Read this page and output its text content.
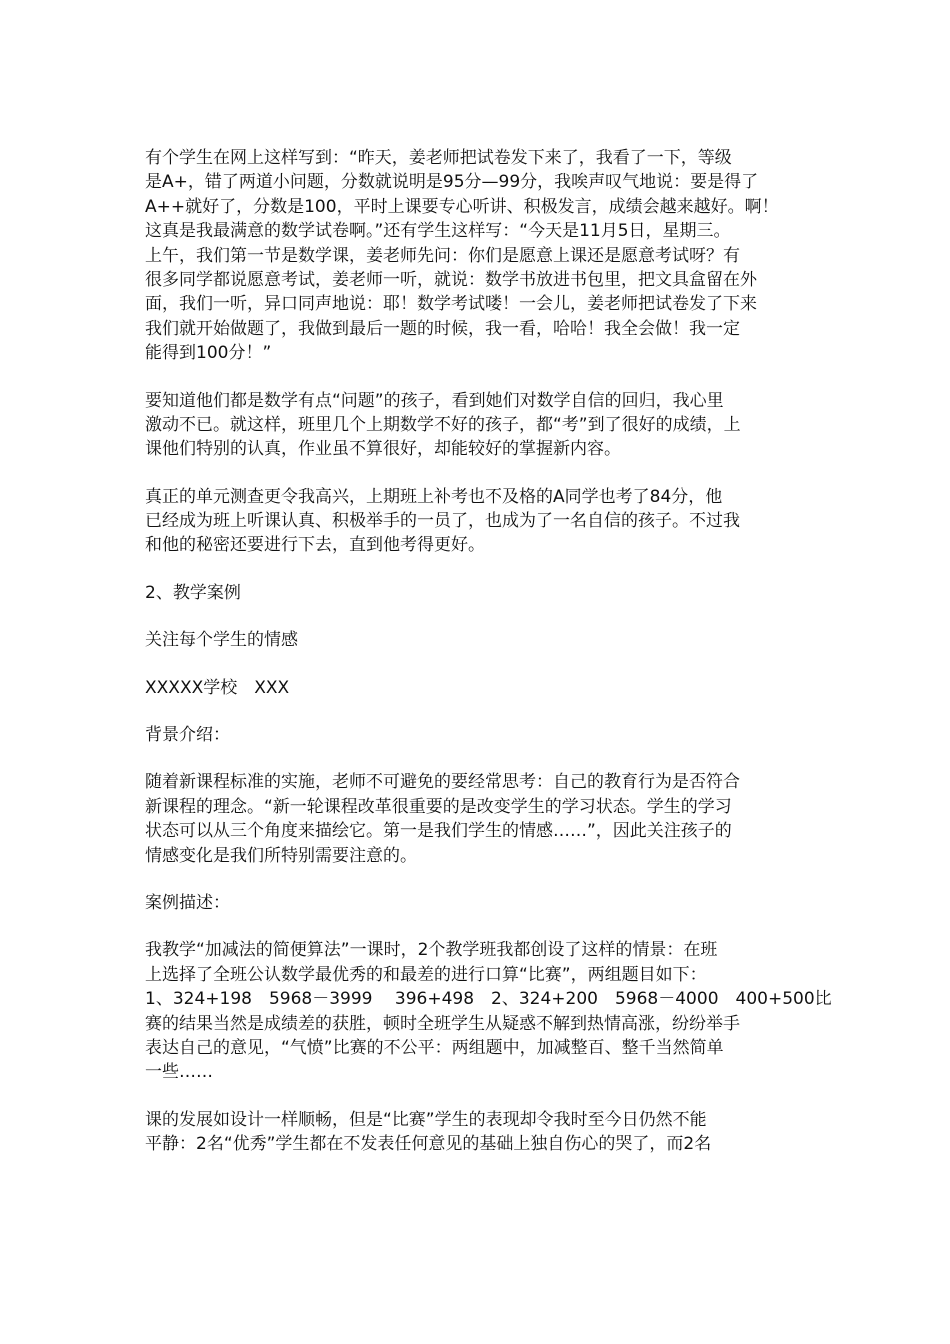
有个学生在网上这样写到：“昨天，姜老师把试卷发下来了，我看了一下，等级
是A+，错了两道小问题，分数就说明是95分—99分，我唉声叹气地说：要是得了
A++就好了，分数是100，平时上课要专心听讲、积极发言，成绩会越来越好。啊！
这真是我最满意的数学试卷啊。”还有学生这样写：“今天是11月5日，星期三。
上午，我们第一节是数学课，姜老师先问：你们是愿意上课还是愿意考试呀？有
很多同学都说愿意考试，姜老师一听，就说：数学书放进书包里，把文具盒留在外
面，我们一听，异口同声地说：耶！数学考试喽！一会儿，姜老师把试卷发了下来
我们就开始做题了，我做到最后一题的时候，我一看，哈哈！我全会做！我一定
能得到100分！”

要知道他们都是数学有点“问题”的孩子，看到她们对数学自信的回归，我心里
激动不已。就这样，班里几个上期数学不好的孩子，都“考”到了很好的成绩，上
课他们特别的认真，作业虽不算很好，却能较好的掌握新内容。

真正的单元测查更令我高兴，上期班上补考也不及格的A同学也考了84分，他
已经成为班上听课认真、积极举手的一员了，也成为了一名自信的孩子。不过我
和他的秘密还要进行下去，直到他考得更好。

2、教学案例

关注每个学生的情感

XXXXX学校　XXX

背景介绍：

随着新课程标准的实施，老师不可避免的要经常思考：自己的教育行为是否符合
新课程的理念。“新一轮课程改革很重要的是改变学生的学习状态。学生的学习
状态可以从三个角度来描绘它。第一是我们学生的情感……”，因此关注孩子的
情感变化是我们所特别需要注意的。

案例描述：

我教学“加减法的简便算法”一课时，2个教学班我都创设了这样的情景：在班
上选择了全班公认数学最优秀的和最差的进行口算“比赛”，两组题目如下：
1、324+198　5968－3999　 396+498　2、324+200　5968－4000　400+500比
赛的结果当然是成绩差的获胜，顿时全班学生从疑惑不解到热情高涨，纷纷举手
表达自己的意见，“气愤”比赛的不公平：两组题中，加减整百、整千当然简单
一些……

课的发展如设计一样顺畅，但是“比赛”学生的表现却令我时至今日仍然不能
平静：2名“优秀”学生都在不发表任何意见的基础上独自伤心的哭了，而2名
